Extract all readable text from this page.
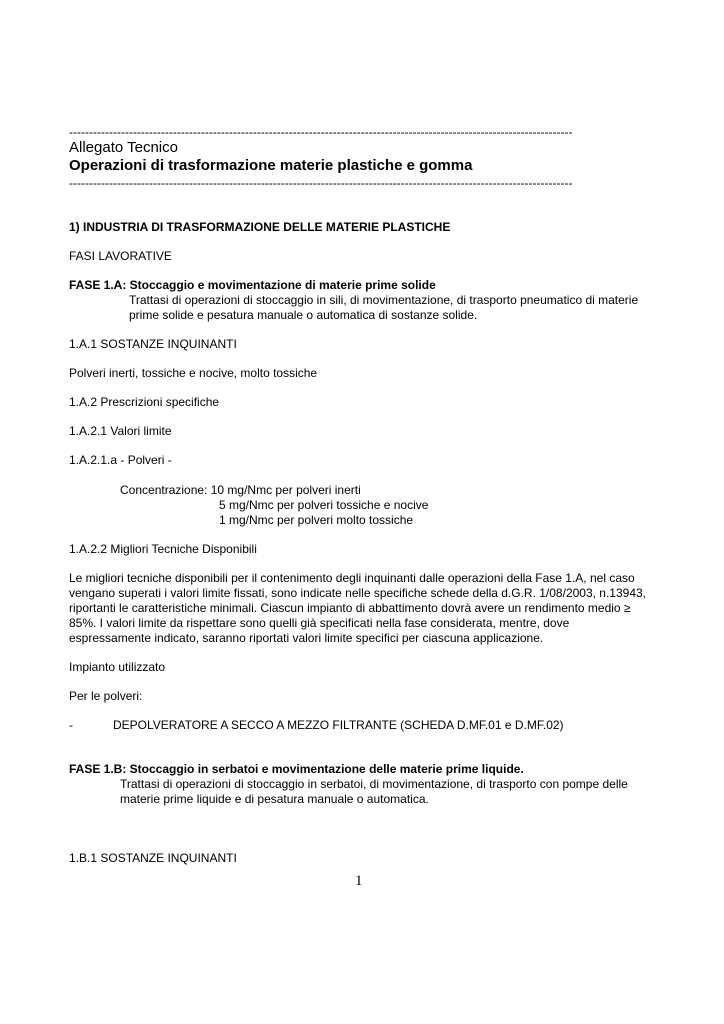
------------------------------------------------------------------------------------------------------------------------------
Allegato Tecnico
Operazioni di trasformazione materie plastiche e gomma
------------------------------------------------------------------------------------------------------------------------------
1) INDUSTRIA DI TRASFORMAZIONE DELLE MATERIE PLASTICHE
FASI LAVORATIVE
FASE 1.A: Stoccaggio e movimentazione di materie prime solide
Trattasi di operazioni di stoccaggio in sili, di movimentazione, di trasporto pneumatico di materie
prime solide e pesatura manuale o automatica di sostanze solide.
1.A.1 SOSTANZE INQUINANTI
Polveri inerti, tossiche e nocive, molto tossiche
1.A.2 Prescrizioni specifiche
1.A.2.1 Valori limite
1.A.2.1.a - Polveri -
Concentrazione: 10 mg/Nmc per polveri inerti
5 mg/Nmc per polveri tossiche e nocive
1 mg/Nmc per polveri molto tossiche
1.A.2.2 Migliori Tecniche Disponibili
Le migliori tecniche disponibili per il contenimento degli inquinanti dalle operazioni della Fase 1.A, nel caso
vengano superati i valori limite fissati, sono indicate nelle specifiche schede della d.G.R. 1/08/2003, n.13943,
riportanti le caratteristiche minimali. Ciascun impianto di abbattimento dovrà avere un rendimento medio ≥
85%. I valori limite da rispettare sono quelli già specificati nella fase considerata, mentre, dove
espressamente indicato, saranno riportati valori limite specifici per ciascuna applicazione.
Impianto utilizzato
Per le polveri:
-	DEPOLVERATORE A SECCO A MEZZO FILTRANTE (SCHEDA D.MF.01 e D.MF.02)
FASE 1.B: Stoccaggio in serbatoi e movimentazione delle materie prime liquide.
Trattasi di operazioni di stoccaggio in serbatoi, di movimentazione, di trasporto con pompe delle
materie prime liquide e di pesatura manuale o automatica.
1.B.1 SOSTANZE INQUINANTI
1
